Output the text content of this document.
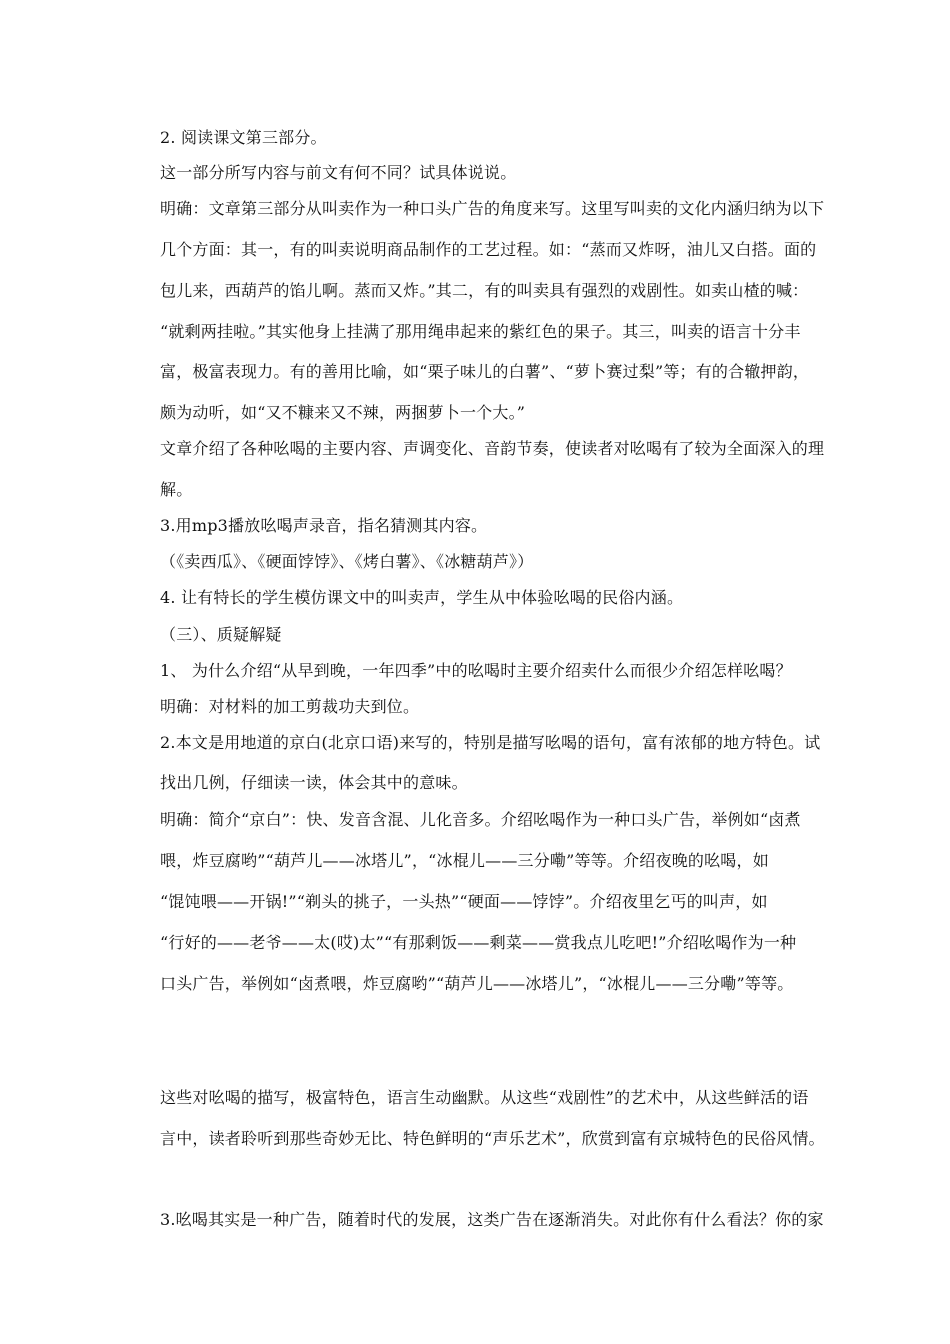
2. 阅读课文第三部分。
这一部分所写内容与前文有何不同？试具体说说。
明确：文章第三部分从叫卖作为一种口头广告的角度来写。这里写叫卖的文化内涵归纳为以下
几个方面：其一，有的叫卖说明商品制作的工艺过程。如：“蒸而又炸呀，油儿又白搭。面的
包儿来，西葫芦的馅儿啊。蒸而又炸。”其二，有的叫卖具有强烈的戏剧性。如卖山楂的喊：
“就剩两挂啦。”其实他身上挂满了那用绳串起来的紫红色的果子。其三，叫卖的语言十分丰
富，极富表现力。有的善用比喻，如“栗子味儿的白薯”、“萝卜赛过梨”等；有的合辙押韵，
颇为动听，如“又不糠来又不辣，两捆萝卜一个大。”
文章介绍了各种吆喝的主要内容、声调变化、音韵节奏，使读者对吆喝有了较为全面深入的理
解。
3.用mp3播放吆喝声录音，指名猜测其内容。
（《卖西瓜》、《硬面饽饽》、《烤白薯》、《冰糖葫芦》）
4. 让有特长的学生模仿课文中的叫卖声，学生从中体验吆喝的民俗内涵。
（三）、质疑解疑
1、 为什么介绍“从早到晚，一年四季”中的吆喝时主要介绍卖什么而很少介绍怎样吆喝？
明确：对材料的加工剪裁功夫到位。
2.本文是用地道的京白(北京口语)来写的，特别是描写吆喝的语句，富有浓郁的地方特色。试
找出几例，仔细读一读，体会其中的意味。
明确：简介“京白”：快、发音含混、儿化音多。介绍吆喝作为一种口头广告，举例如“卤煮
喂，炸豆腐哟”“葫芦儿——冰塔儿”，“冰棍儿——三分嘞”等等。介绍夜晚的吆喝，如
“馄饨喂——开锅!”“剃头的挑子，一头热”“硬面——饽饽”。介绍夜里乞丐的叫声，如
“行好的——老爷——太(哎)太”“有那剩饭——剩菜——赏我点儿吃吧!”介绍吆喝作为一种
口头广告，举例如“卤煮喂，炸豆腐哟”“葫芦儿——冰塔儿”，“冰棍儿——三分嘞”等等。
这些对吆喝的描写，极富特色，语言生动幽默。从这些“戏剧性”的艺术中，从这些鲜活的语
言中，读者聆听到那些奇妙无比、特色鲜明的“声乐艺术”，欣赏到富有京城特色的民俗风情。
3.吆喝其实是一种广告，随着时代的发展，这类广告在逐渐消失。对此你有什么看法？你的家
